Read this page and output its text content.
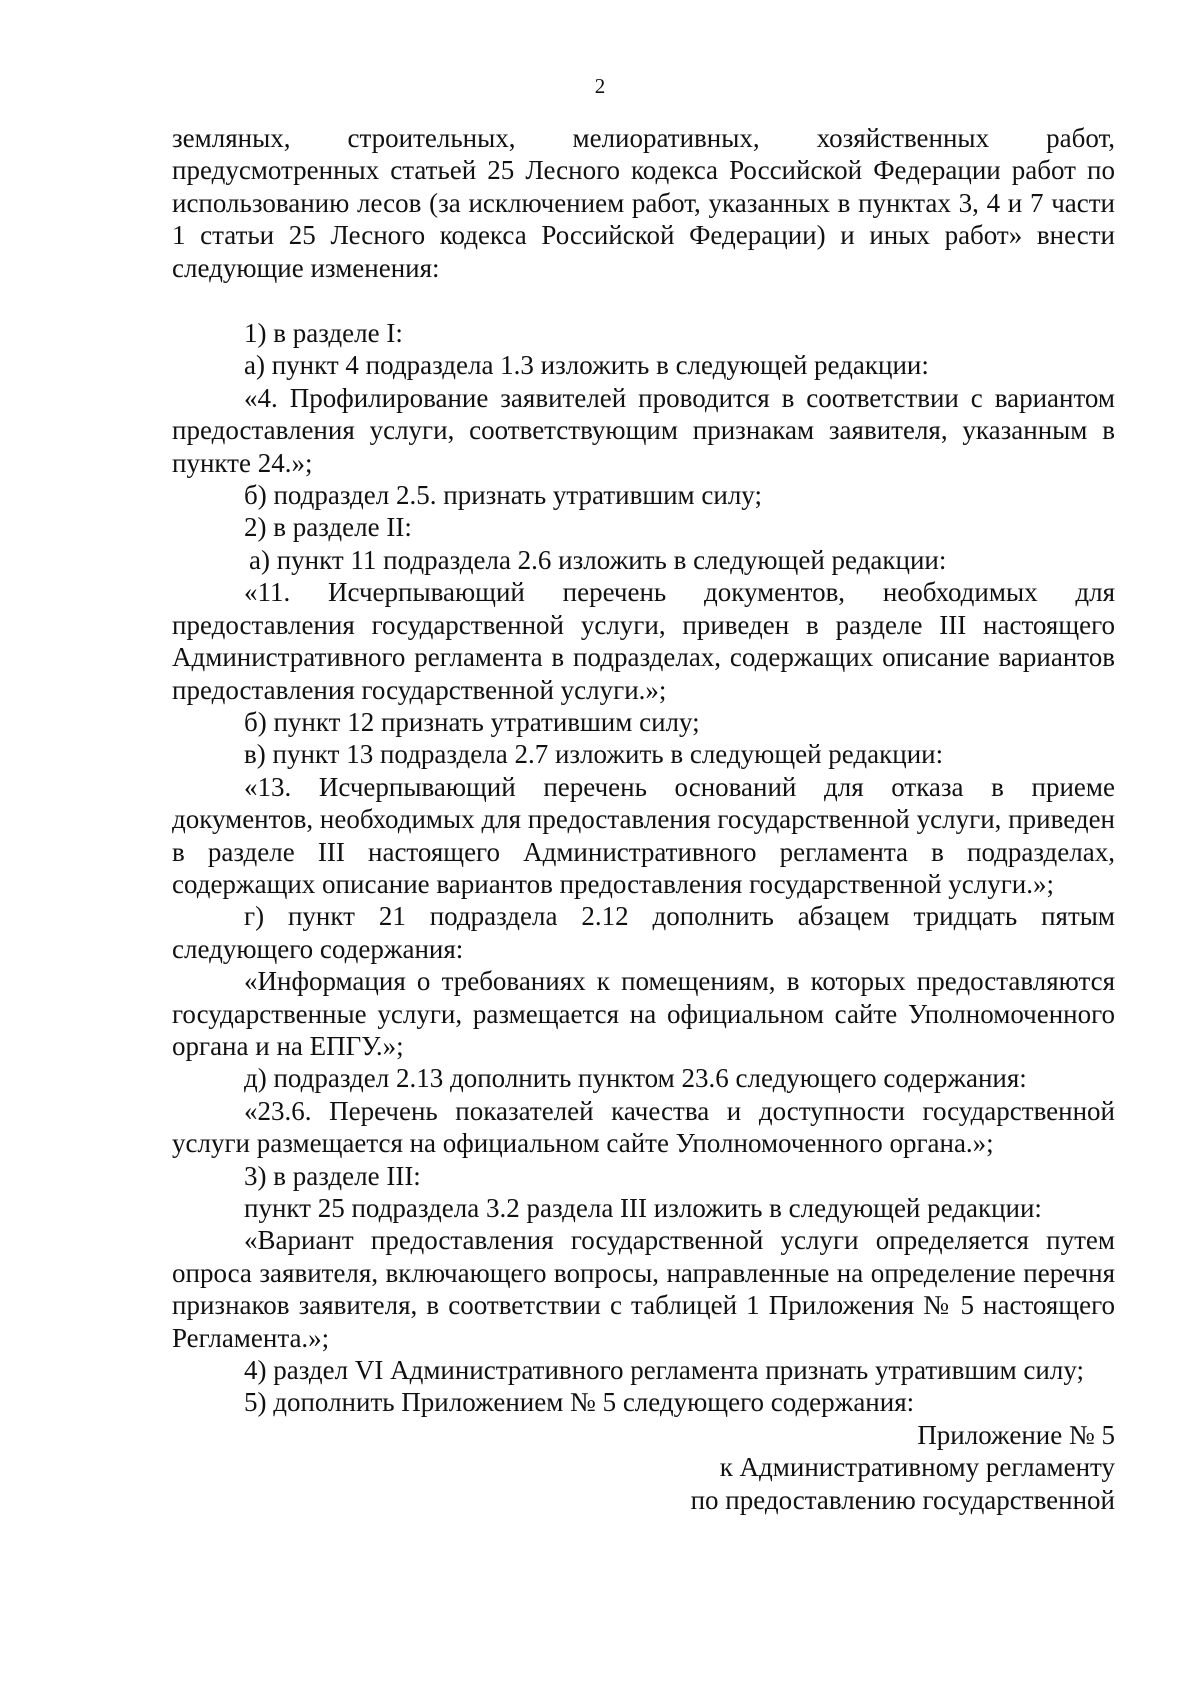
2

земляных, строительных, мелиоративных, хозяйственных работ, предусмотренных статьей 25 Лесного кодекса Российской Федерации работ по использованию лесов (за исключением работ, указанных в пунктах 3, 4 и 7 части 1 статьи 25 Лесного кодекса Российской Федерации) и иных работ» внести следующие изменения:

1) в разделе I:

а) пункт 4 подраздела 1.3 изложить в следующей редакции:

«4. Профилирование заявителей проводится в соответствии с вариантом предоставления услуги, соответствующим признакам заявителя, указанным в пункте 24.»;

б) подраздел 2.5. признать утратившим силу;

2) в разделе II:

а) пункт 11 подраздела 2.6 изложить в следующей редакции:

«11. Исчерпывающий перечень документов, необходимых для предоставления государственной услуги, приведен в разделе III настоящего Административного регламента в подразделах, содержащих описание вариантов предоставления государственной услуги.»;

б) пункт 12 признать утратившим силу;

в) пункт 13 подраздела 2.7 изложить в следующей редакции:

«13. Исчерпывающий перечень оснований для отказа в приеме документов, необходимых для предоставления государственной услуги, приведен в разделе III настоящего Административного регламента в подразделах, содержащих описание вариантов предоставления государственной услуги.»;

г) пункт 21 подраздела 2.12 дополнить абзацем тридцать пятым следующего содержания:

«Информация о требованиях к помещениям, в которых предоставляются государственные услуги, размещается на официальном сайте Уполномоченного органа и на ЕПГУ.»;

д) подраздел 2.13 дополнить пунктом 23.6 следующего содержания:

«23.6. Перечень показателей качества и доступности государственной услуги размещается на официальном сайте Уполномоченного органа.»;

3) в разделе III:

пункт 25 подраздела 3.2 раздела III изложить в следующей редакции:

«Вариант предоставления государственной услуги определяется путем опроса заявителя, включающего вопросы, направленные на определение перечня признаков заявителя, в соответствии с таблицей 1 Приложения № 5 настоящего Регламента.»;

4) раздел VI Административного регламента признать утратившим силу;

5) дополнить Приложением № 5 следующего содержания:

Приложение № 5
к Административному регламенту
по предоставлению государственной
